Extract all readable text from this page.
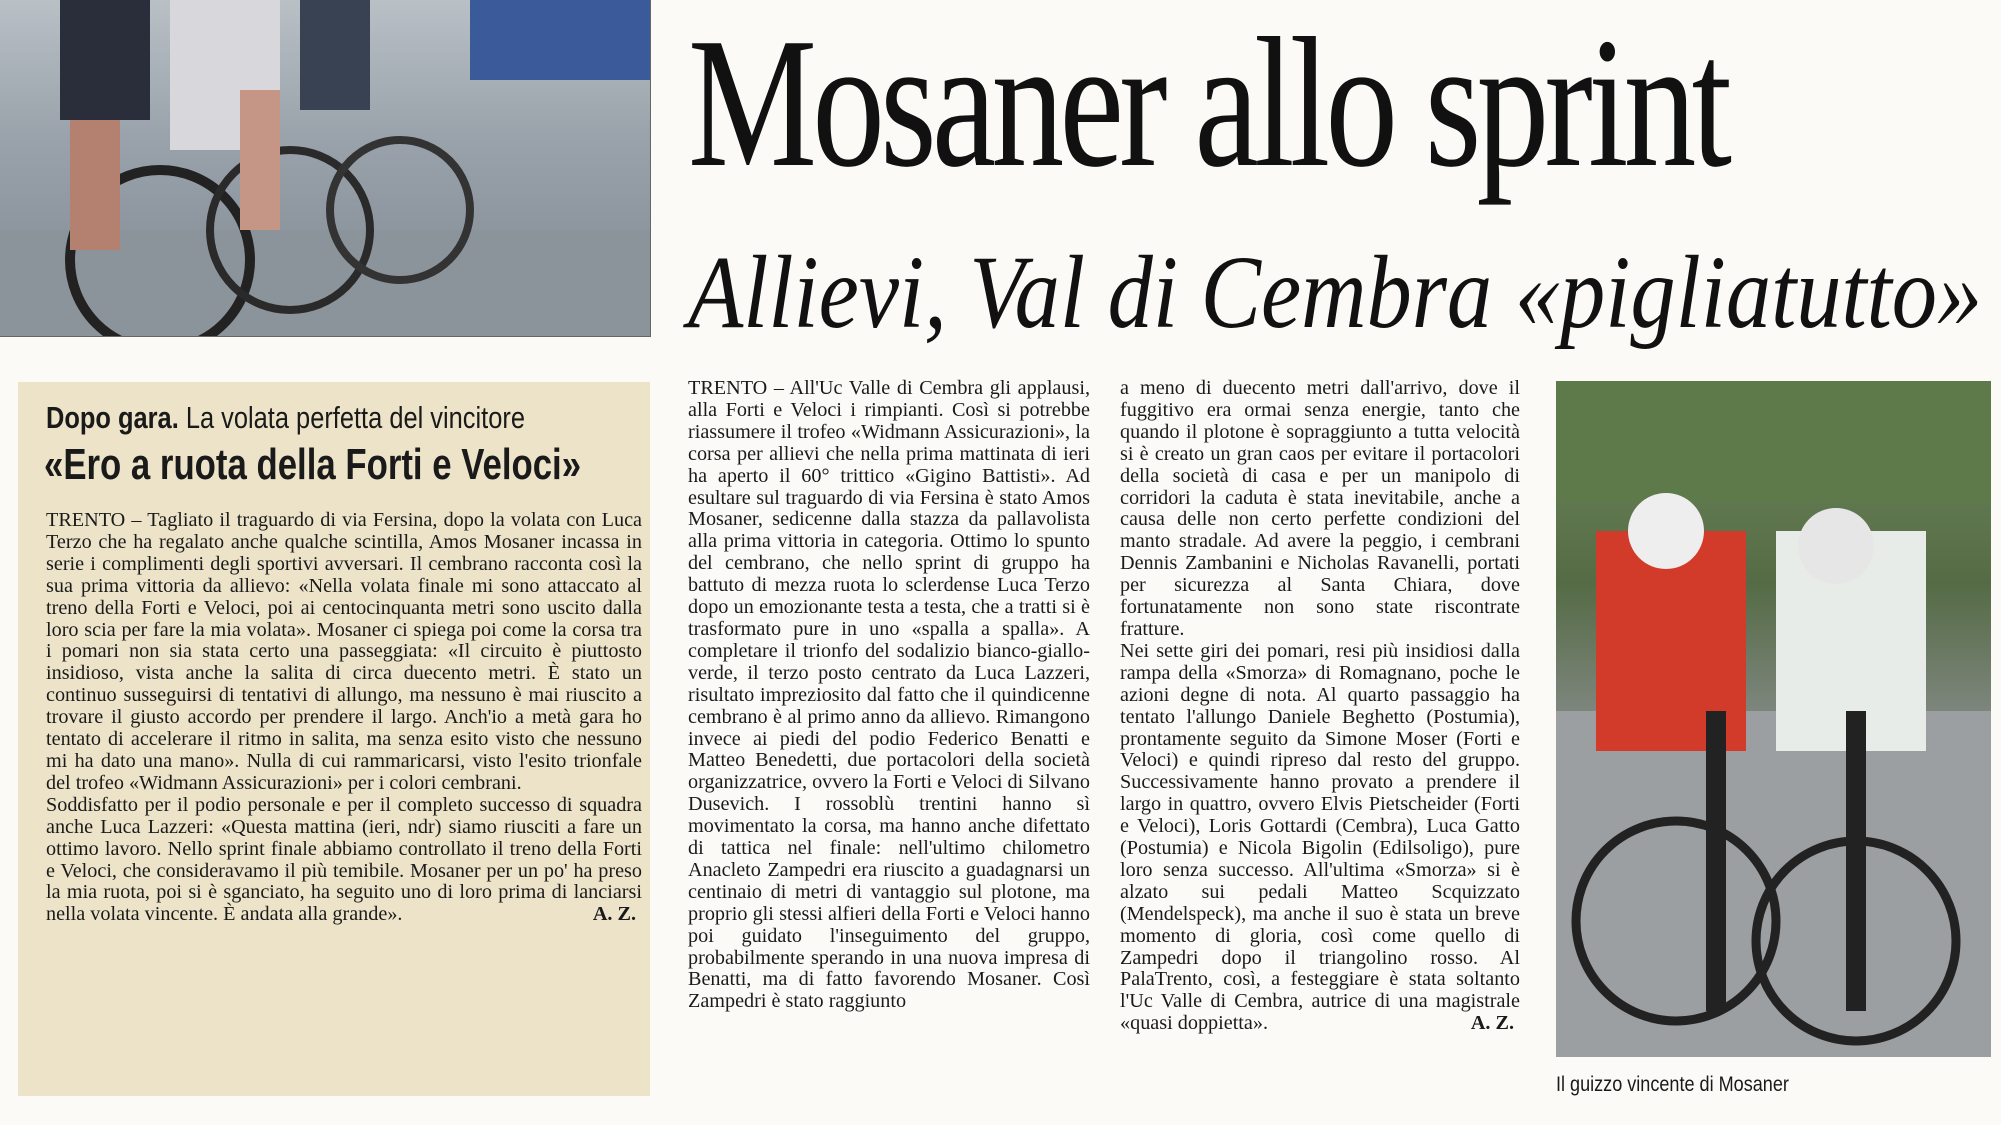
Mosaner allo sprint
Allievi, Val di Cembra «pigliatutto»
Dopo gara. La volata perfetta del vincitore
«Ero a ruota della Forti e Veloci»

TRENTO – Tagliato il traguardo di via Fersina, dopo la volata con Luca Terzo che ha regalato anche qualche scintilla, Amos Mosaner incassa in serie i complimenti degli sportivi avversari. Il cembrano racconta così la sua prima vittoria da allievo: «Nella volata finale mi sono attaccato al treno della Forti e Veloci, poi ai centocinquanta metri sono uscito dalla loro scia per fare la mia volata». Mosaner ci spiega poi come la corsa tra i pomari non sia stata certo una passeggiata: «Il circuito è piuttosto insidioso, vista anche la salita di circa duecento metri. È stato un continuo susseguirsi di tentativi di allungo, ma nessuno è mai riuscito a trovare il giusto accordo per prendere il largo. Anch'io a metà gara ho tentato di accelerare il ritmo in salita, ma senza esito visto che nessuno mi ha dato una mano». Nulla di cui rammaricarsi, visto l'esito trionfale del trofeo «Widmann Assicurazioni» per i colori cembrani.

Soddisfatto per il podio personale e per il completo successo di squadra anche Luca Lazzeri: «Questa mattina (ieri, ndr) siamo riusciti a fare un ottimo lavoro. Nello sprint finale abbiamo controllato il treno della Forti e Veloci, che consideravamo il più temibile. Mosaner per un po' ha preso la mia ruota, poi si è sganciato, ha seguito uno di loro prima di lanciarsi nella volata vincente. È andata alla grande».	A. Z.

TRENTO – All'Uc Valle di Cembra gli applausi, alla Forti e Veloci i rimpianti. Così si potrebbe riassumere il trofeo «Widmann Assicurazioni», la corsa per allievi che nella prima mattinata di ieri ha aperto il 60° trittico «Gigino Battisti». Ad esultare sul traguardo di via Fersina è stato Amos Mosaner, sedicenne dalla stazza da pallavolista alla prima vittoria in categoria. Ottimo lo spunto del cembrano, che nello sprint di gruppo ha battuto di mezza ruota lo sclerdense Luca Terzo dopo un emozionante testa a testa, che a tratti si è trasformato pure in uno «spalla a spalla». A completare il trionfo del sodalizio bianco-giallo-verde, il terzo posto centrato da Luca Lazzeri, risultato impreziosito dal fatto che il quindicenne cembrano è al primo anno da allievo. Rimangono invece ai piedi del podio Federico Benatti e Matteo Benedetti, due portacolori della società organizzatrice, ovvero la Forti e Veloci di Silvano Dusevich. I rossoblù trentini hanno sì movimentato la corsa, ma hanno anche difettato di tattica nel finale: nell'ultimo chilometro Anacleto Zampedri era riuscito a guadagnarsi un centinaio di metri di vantaggio sul plotone, ma proprio gli stessi alfieri della Forti e Veloci hanno poi guidato l'inseguimento del gruppo, probabilmente sperando in una nuova impresa di Benatti, ma di fatto favorendo Mosaner. Così Zampedri è stato raggiunto

a meno di duecento metri dall'arrivo, dove il fuggitivo era ormai senza energie, tanto che quando il plotone è sopraggiunto a tutta velocità si è creato un gran caos per evitare il portacolori della società di casa e per un manipolo di corridori la caduta è stata inevitabile, anche a causa delle non certo perfette condizioni del manto stradale. Ad avere la peggio, i cembrani Dennis Zambanini e Nicholas Ravanelli, portati per sicurezza al Santa Chiara, dove fortunatamente non sono state riscontrate fratture.

Nei sette giri dei pomari, resi più insidiosi dalla rampa della «Smorza» di Romagnano, poche le azioni degne di nota. Al quarto passaggio ha tentato l'allungo Daniele Beghetto (Postumia), prontamente seguito da Simone Moser (Forti e Veloci) e quindi ripreso dal resto del gruppo. Successivamente hanno provato a prendere il largo in quattro, ovvero Elvis Pietscheider (Forti e Veloci), Loris Gottardi (Cembra), Luca Gatto (Postumia) e Nicola Bigolin (Edilsoligo), pure loro senza successo. All'ultima «Smorza» si è alzato sui pedali Matteo Scquizzato (Mendelspeck), ma anche il suo è stata un breve momento di gloria, così come quello di Zampedri dopo il triangolino rosso. Al PalaTrento, così, a festeggiare è stata soltanto l'Uc Valle di Cembra, autrice di una magistrale «quasi doppietta».	A. Z.

Il guizzo vincente di Mosaner
